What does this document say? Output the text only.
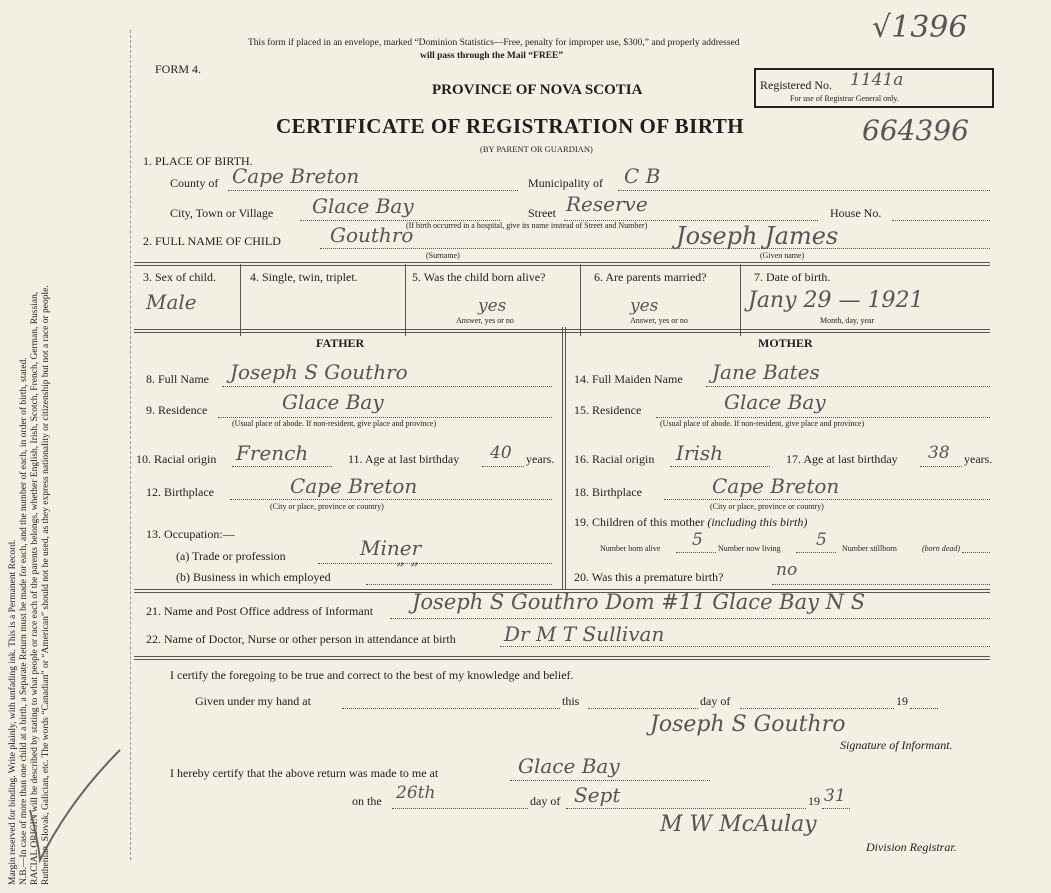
Margin reserved for binding. Write plainly, with unfading ink. This is a Permanent Record. N.B.—In case of more than one child at a birth, a Separate Return must be made for each, and the number of each, in order of birth, stated. RACIAL ORIGIN will be described by stating to what people or race each of the parents belongs, whether English, Irish, Scotch, French, German, Russian, Ruthenian, Slovak, Galician, etc. The words “Canadian” or “American” should not be used, as they express nationality or citizenship but not a race or people.
This form if placed in an envelope, marked “Dominion Statistics—Free, penalty for improper use, $300,” and properly addressed
will pass through the Mail “FREE”
√1396
FORM 4.
PROVINCE OF NOVA SCOTIA	Registered No. 1141a
For use of Registrar General only.
CERTIFICATE OF REGISTRATION OF BIRTH	664396
(BY PARENT OR GUARDIAN)
1. PLACE OF BIRTH.
County of Cape Breton	Municipality of C B
City, Town or Village Glace Bay	Street Reserve
(If birth occurred in a hospital, give its name instead of Street and Number)
House No.
2. FULL NAME OF CHILD Gouthro
(Surname)
Joseph James
(Given name)
3. Sex of child.
Male
4. Single, twin, triplet.	5. Was the child born alive?
yes
Answer, yes or no
6. Are parents married?
yes
Answer, yes or no
7. Date of birth.
Jany 29 — 1921
Month, day, year
FATHER	MOTHER
8. Full Name Joseph S Gouthro
9. Residence	Glace Bay
(Usual place of abode. If non-resident, give place and province)
10. Racial origin French	11. Age at last birthday 40 years.
12. Birthplace	Cape Breton
(City or place, province or country)
13. Occupation:—
(a) Trade or profession	Miner
(b) Business in which employed	” ”
14. Full Maiden Name Jane Bates
15. Residence	Glace Bay
(Usual place of abode. If non-resident, give place and province)
16. Racial origin Irish	17. Age at last birthday 38 years.
18. Birthplace	Cape Breton
(City or place, province or country)
19. Children of this mother (including this birth)
Number born alive 5 Number now living 5 Number stillborn	(born dead)
20. Was this a premature birth?	no
21. Name and Post Office address of Informant Joseph S Gouthro Dom #11 Glace Bay N S
22. Name of Doctor, Nurse or other person in attendance at birth Dr M T Sullivan
I certify the foregoing to be true and correct to the best of my knowledge and belief.
Given under my hand at	this	day of	19
Joseph S Gouthro
Signature of Informant.
I hereby certify that the above return was made to me at	Glace Bay
on the 26th	day of Sept	19 31
M W McAulay
Division Registrar.
